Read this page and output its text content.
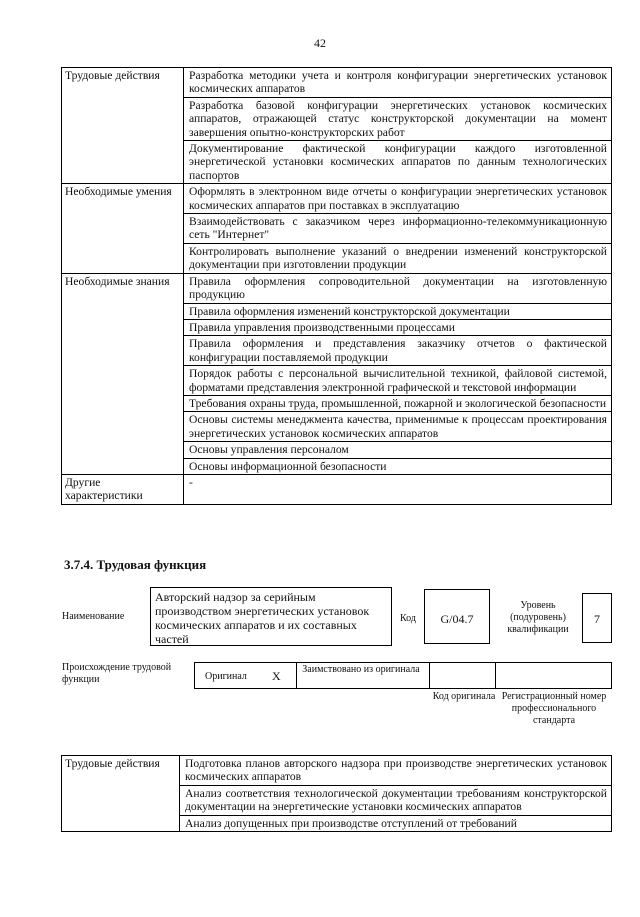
42
Трудовые действия	Разработка методики учета и контроля конфигурации энергетических установок космических аппаратов
	Разработка базовой конфигурации энергетических установок космических аппаратов, отражающей статус конструкторской документации на момент завершения опытно-конструкторских работ
	Документирование фактической конфигурации каждого изготовленной энергетической установки космических аппаратов по данным технологических паспортов
Необходимые умения	Оформлять в электронном виде отчеты о конфигурации энергетических установок космических аппаратов при поставках в эксплуатацию
	Взаимодействовать с заказчиком через информационно-телекоммуникационную сеть "Интернет"
	Контролировать выполнение указаний о внедрении изменений конструкторской документации при изготовлении продукции
Необходимые знания	Правила оформления сопроводительной документации на изготовленную продукцию
	Правила оформления изменений конструкторской документации
	Правила управления производственными процессами
	Правила оформления и представления заказчику отчетов о фактической конфигурации поставляемой продукции
	Порядок работы с персональной вычислительной техникой, файловой системой, форматами представления электронной графической и текстовой информации
	Требования охраны труда, промышленной, пожарной и экологической безопасности
	Основы системы менеджмента качества, применимые к процессам проектирования энергетических установок космических аппаратов
	Основы управления персоналом
	Основы информационной безопасности
Другие характеристики	-
3.7.4. Трудовая функция
Наименование
Авторский надзор за серийным производством энергетических установок космических аппаратов и их составных частей
Код	G/04.7
Уровень (подуровень) квалификации
7
Происхождение трудовой функции	Оригинал X Заимствовано из оригинала
Код оригинала Регистрационный номер профессионального стандарта
Трудовые действия	Подготовка планов авторского надзора при производстве энергетических установок космических аппаратов
Анализ соответствия технологической документации требованиям конструкторской документации на энергетические установки космических аппаратов
Анализ допущенных при производстве отступлений от требований
